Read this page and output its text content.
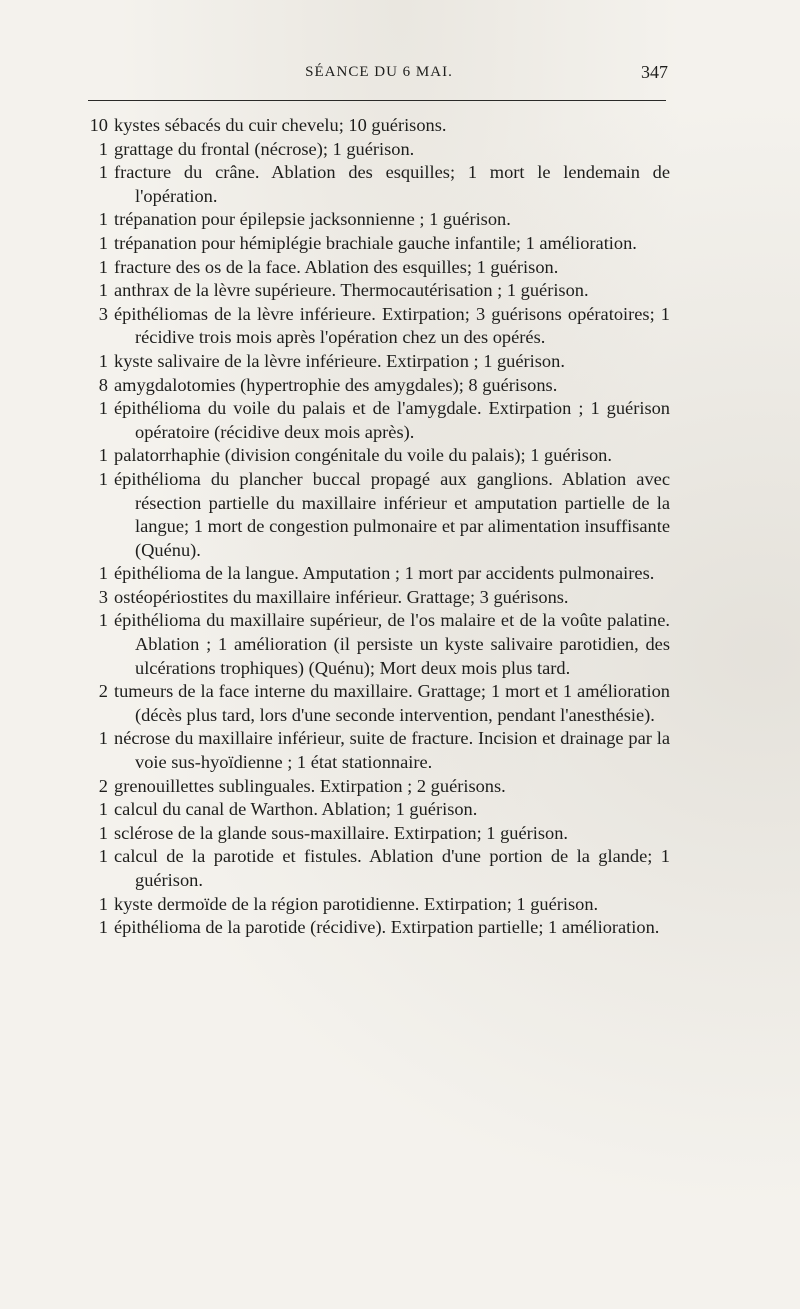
SÉANCE DU 6 MAI.	347
10 kystes sébacés du cuir chevelu; 10 guérisons.
1 grattage du frontal (nécrose); 1 guérison.
1 fracture du crâne. Ablation des esquilles; 1 mort le lendemain de l'opération.
1 trépanation pour épilepsie jacksonnienne ; 1 guérison.
1 trépanation pour hémiplégie brachiale gauche infantile; 1 amélioration.
1 fracture des os de la face. Ablation des esquilles; 1 guérison.
1 anthrax de la lèvre supérieure. Thermocautérisation ; 1 guérison.
3 épithéliomas de la lèvre inférieure. Extirpation; 3 guérisons opératoires; 1 récidive trois mois après l'opération chez un des opérés.
1 kyste salivaire de la lèvre inférieure. Extirpation ; 1 guérison.
8 amygdalotomies (hypertrophie des amygdales); 8 guérisons.
1 épithélioma du voile du palais et de l'amygdale. Extirpation ; 1 guérison opératoire (récidive deux mois après).
1 palatorrhaphie (division congénitale du voile du palais); 1 guérison.
1 épithélioma du plancher buccal propagé aux ganglions. Ablation avec résection partielle du maxillaire inférieur et amputation partielle de la langue; 1 mort de congestion pulmonaire et par alimentation insuffisante (Quénu).
1 épithélioma de la langue. Amputation ; 1 mort par accidents pulmonaires.
3 ostéopériostites du maxillaire inférieur. Grattage; 3 guérisons.
1 épithélioma du maxillaire supérieur, de l'os malaire et de la voûte palatine. Ablation ; 1 amélioration (il persiste un kyste salivaire parotidien, des ulcérations trophiques) (Quénu); Mort deux mois plus tard.
2 tumeurs de la face interne du maxillaire. Grattage; 1 mort et 1 amélioration (décès plus tard, lors d'une seconde intervention, pendant l'anesthésie).
1 nécrose du maxillaire inférieur, suite de fracture. Incision et drainage par la voie sus-hyoïdienne ; 1 état stationnaire.
2 grenouillettes sublinguales. Extirpation ; 2 guérisons.
1 calcul du canal de Warthon. Ablation; 1 guérison.
1 sclérose de la glande sous-maxillaire. Extirpation; 1 guérison.
1 calcul de la parotide et fistules. Ablation d'une portion de la glande; 1 guérison.
1 kyste dermoïde de la région parotidienne. Extirpation; 1 guérison.
1 épithélioma de la parotide (récidive). Extirpation partielle; 1 amélioration.
